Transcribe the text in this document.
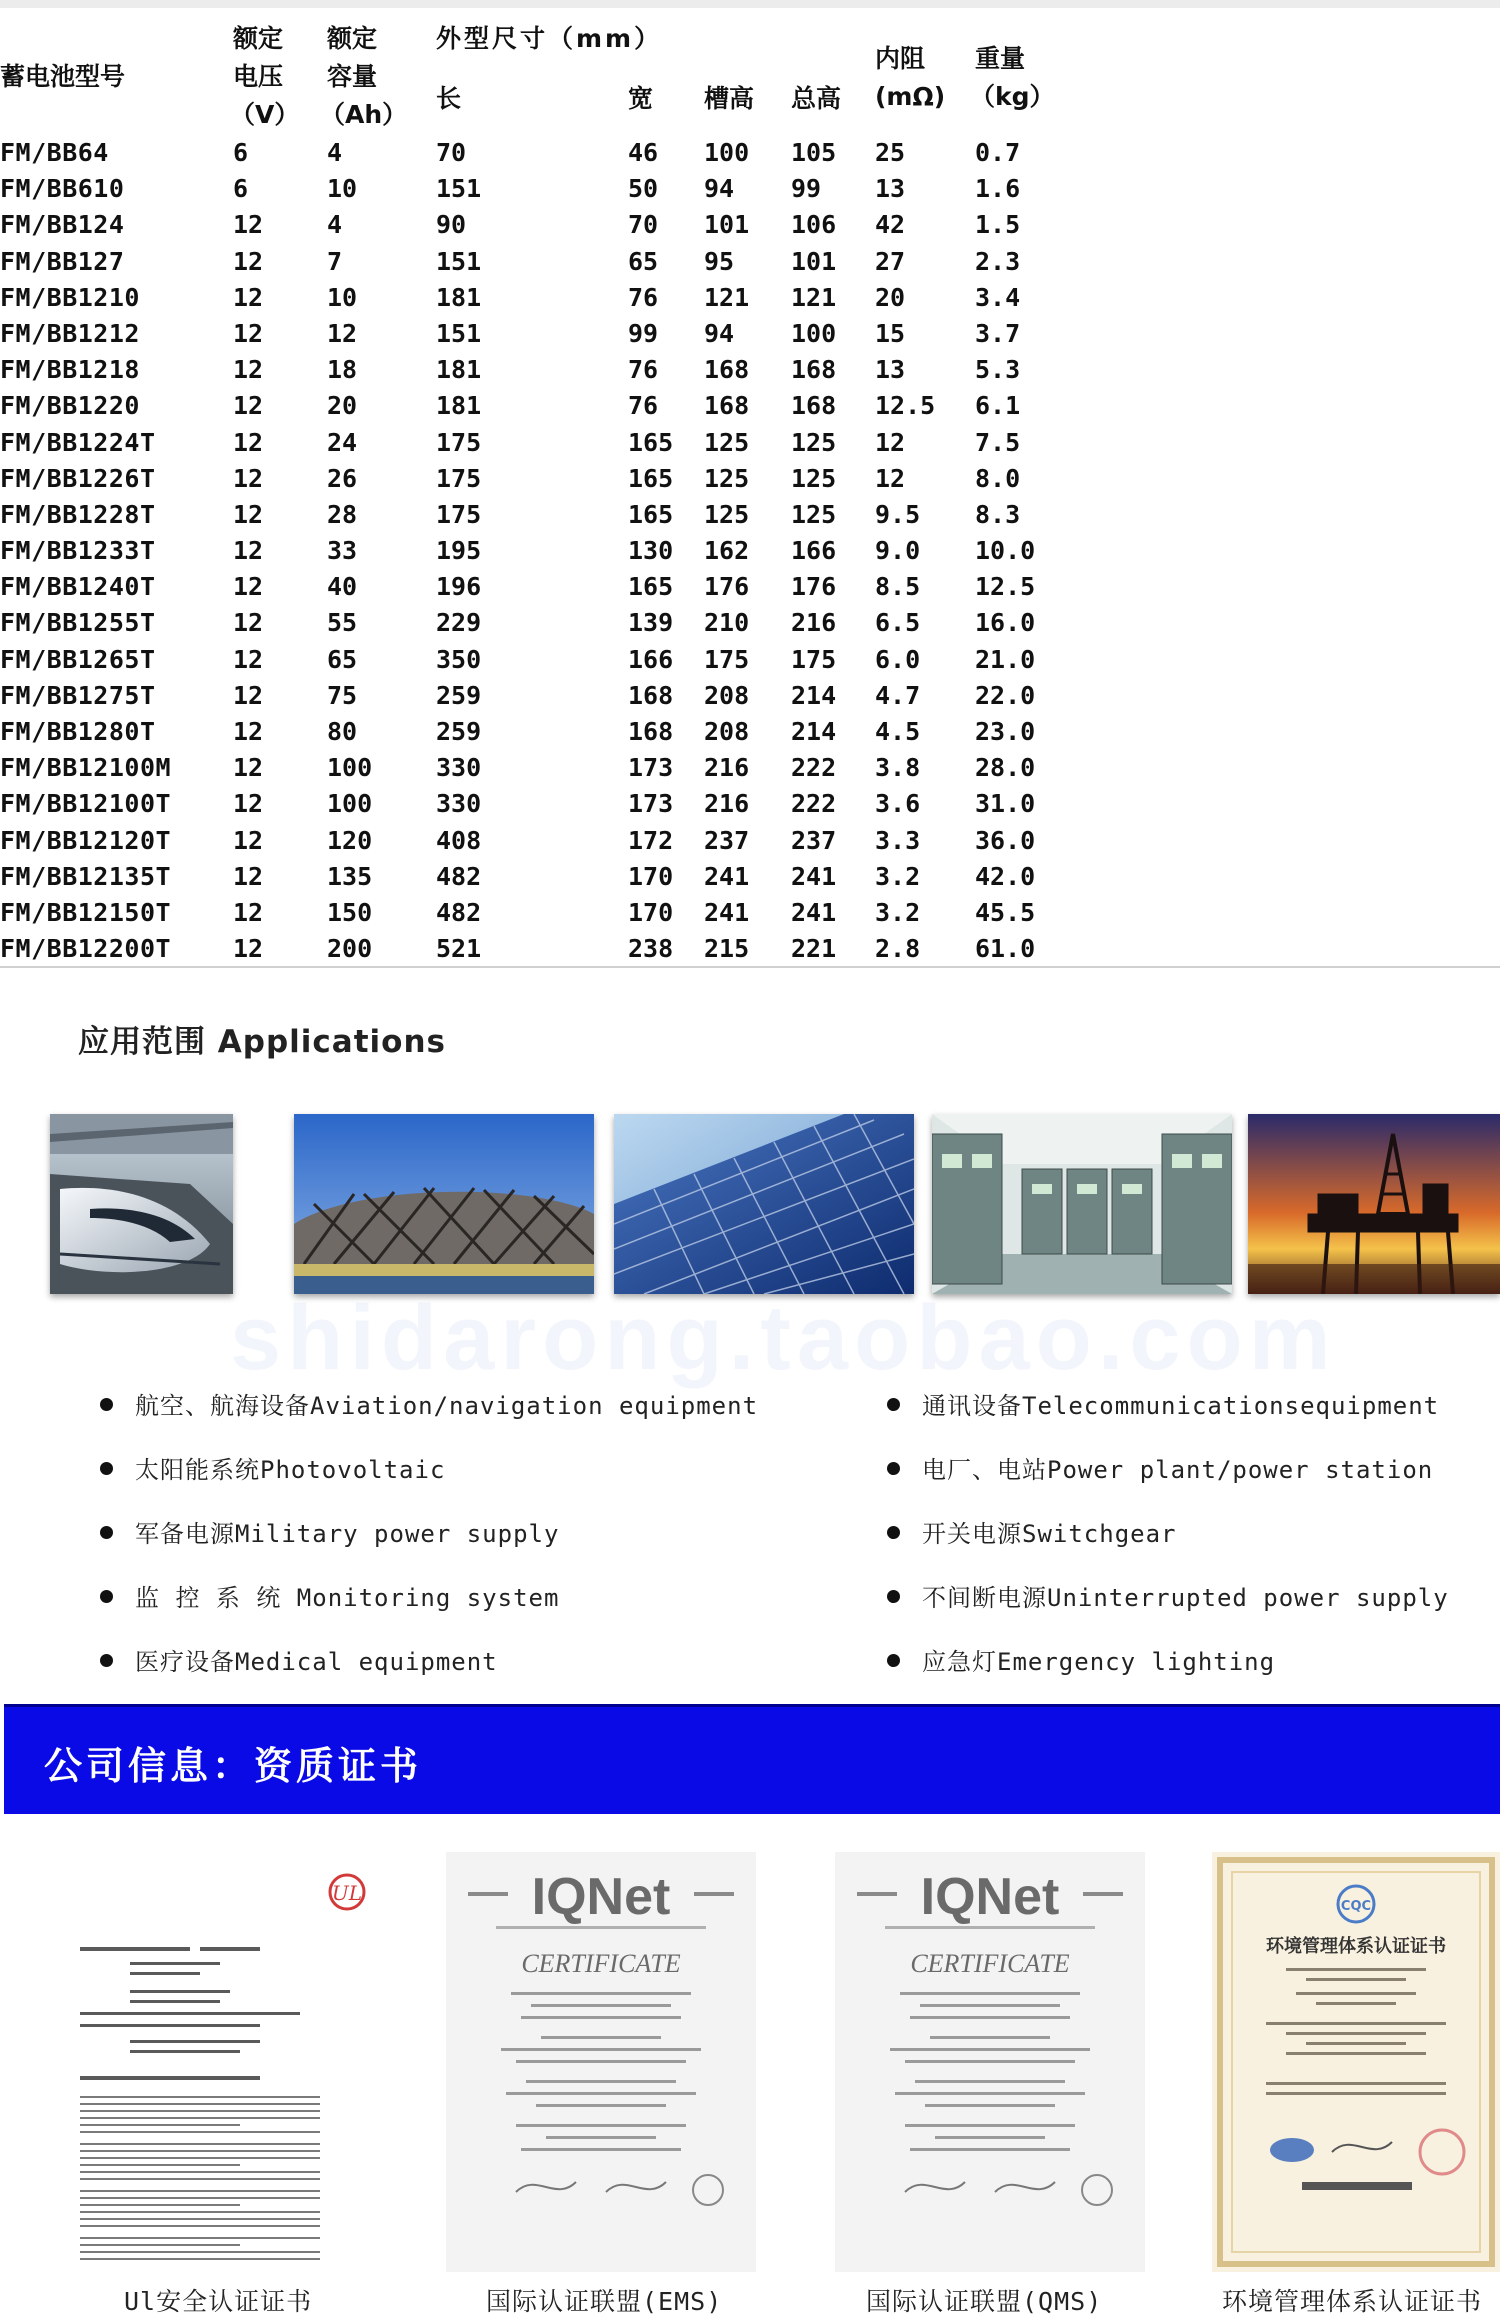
蓄电池型号
额定
电压
（V）
额定
容量
（Ah）
外型尺寸（mm）
长	宽 槽高 总高
内阻
(mΩ)
重量
（kg）
FM/BB64	6	4	70	46 100 105 25	0.7
FM/BB610	6	10	151	50 94 99 13	1.6
FM/BB124	12	4	90	70 101 106 42	1.5
FM/BB127	12	7	151	65 95 101 27	2.3
FM/BB1210	12	10	181	76 121 121 20	3.4
FM/BB1212	12	12	151	99 94 100 15	3.7
FM/BB1218	12	18	181	76 168 168 13	5.3
FM/BB1220	12	20	181	76 168 168 12.5 6.1
FM/BB1224T	12	24	175	165 125 125 12	7.5
FM/BB1226T	12	26	175	165 125 125 12	8.0
FM/BB1228T	12	28	175	165 125 125 9.5 8.3
FM/BB1233T	12	33	195	130 162 166 9.0 10.0
FM/BB1240T	12	40	196	165 176 176 8.5 12.5
FM/BB1255T	12	55	229	139 210 216 6.5 16.0
FM/BB1265T	12	65	350	166 175 175 6.0 21.0
FM/BB1275T	12	75	259	168 208 214 4.7 22.0
FM/BB1280T	12	80	259	168 208 214 4.5 23.0
FM/BB12100M 12	100	330	173 216 222 3.8 28.0
FM/BB12100T 12	100	330	173 216 222 3.6 31.0
FM/BB12120T 12	120	408	172 237 237 3.3 36.0
FM/BB12135T 12	135	482	170 241 241 3.2 42.0
FM/BB12150T 12	150	482	170 241 241 3.2 45.5
FM/BB12200T 12	200	521	238 215 221 2.8 61.0
应用范围 Applications
shidarong.taobao.com
航空、航海设备Aviation/navigation equipment
太阳能系统Photovoltaic
军备电源Military power supply
监 控 系 统 Monitoring system
医疗设备Medical equipment
通讯设备Telecommunicationsequipment
电厂、电站Power plant/power station
开关电源Switchgear
不间断电源Uninterrupted power supply
应急灯Emergency lighting
公司信息：资质证书
UL	IQNet
CERTIFICATE
IQNet
CERTIFICATE
CQC
环境管理体系认证证书
Ul安全认证证书	国际认证联盟(EMS)	国际认证联盟(QMS)	环境管理体系认证证书
